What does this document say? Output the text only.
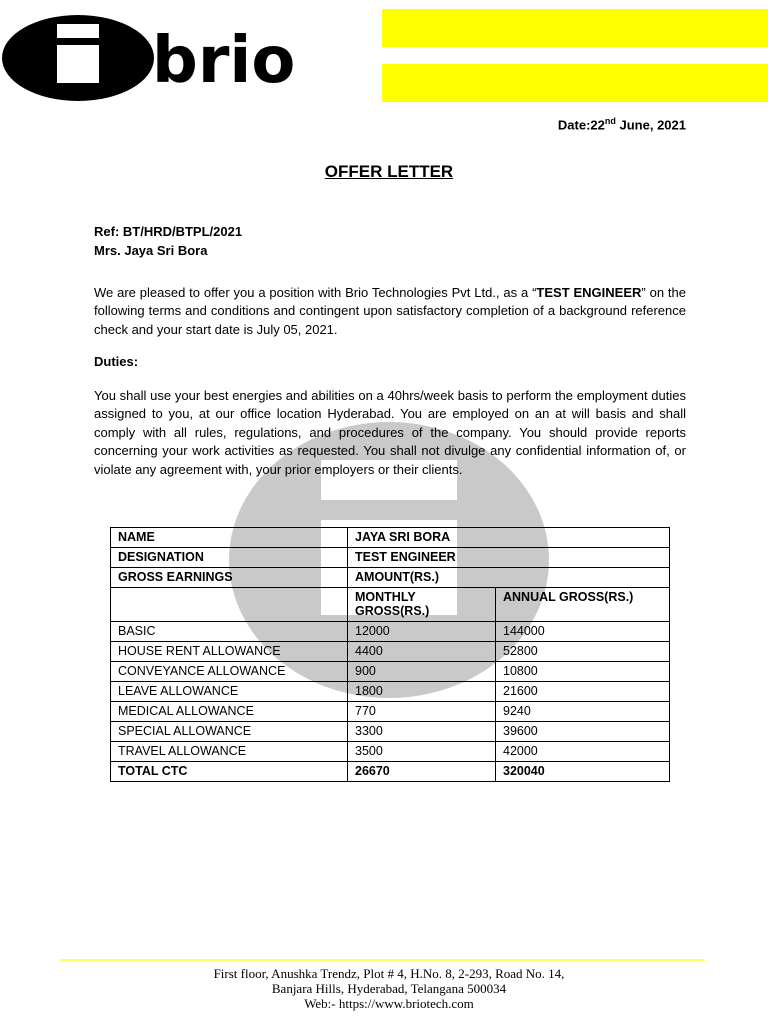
brio
Date:22nd June, 2021
OFFER LETTER
Ref: BT/HRD/BTPL/2021
Mrs. Jaya Sri Bora
We are pleased to offer you a position with Brio Technologies Pvt Ltd., as a “TEST ENGINEER” on the following terms and conditions and contingent upon satisfactory completion of a background reference check and your start date is July 05, 2021.
Duties:
You shall use your best energies and abilities on a 40hrs/week basis to perform the employment duties assigned to you, at our office location Hyderabad. You are employed on an at will basis and shall comply with all rules, regulations, and procedures of the company. You should provide reports concerning your work activities as requested. You shall not divulge any confidential information of, or violate any agreement with, your prior employers or their clients.
NAME	JAYA SRI BORA	
DESIGNATION	TEST ENGINEER	
GROSS EARNINGS	AMOUNT(RS.)	
	MONTHLY GROSS(RS.)	ANNUAL GROSS(RS.)
BASIC	12000	144000
HOUSE RENT ALLOWANCE	4400	52800
CONVEYANCE ALLOWANCE	900	10800
LEAVE ALLOWANCE	1800	21600
MEDICAL ALLOWANCE	770	9240
SPECIAL ALLOWANCE	3300	39600
TRAVEL ALLOWANCE	3500	42000
TOTAL CTC	26670	320040
First floor, Anushka Trendz, Plot # 4, H.No. 8, 2-293, Road No. 14,
Banjara Hills, Hyderabad, Telangana 500034
Web:- https://www.briotech.com
